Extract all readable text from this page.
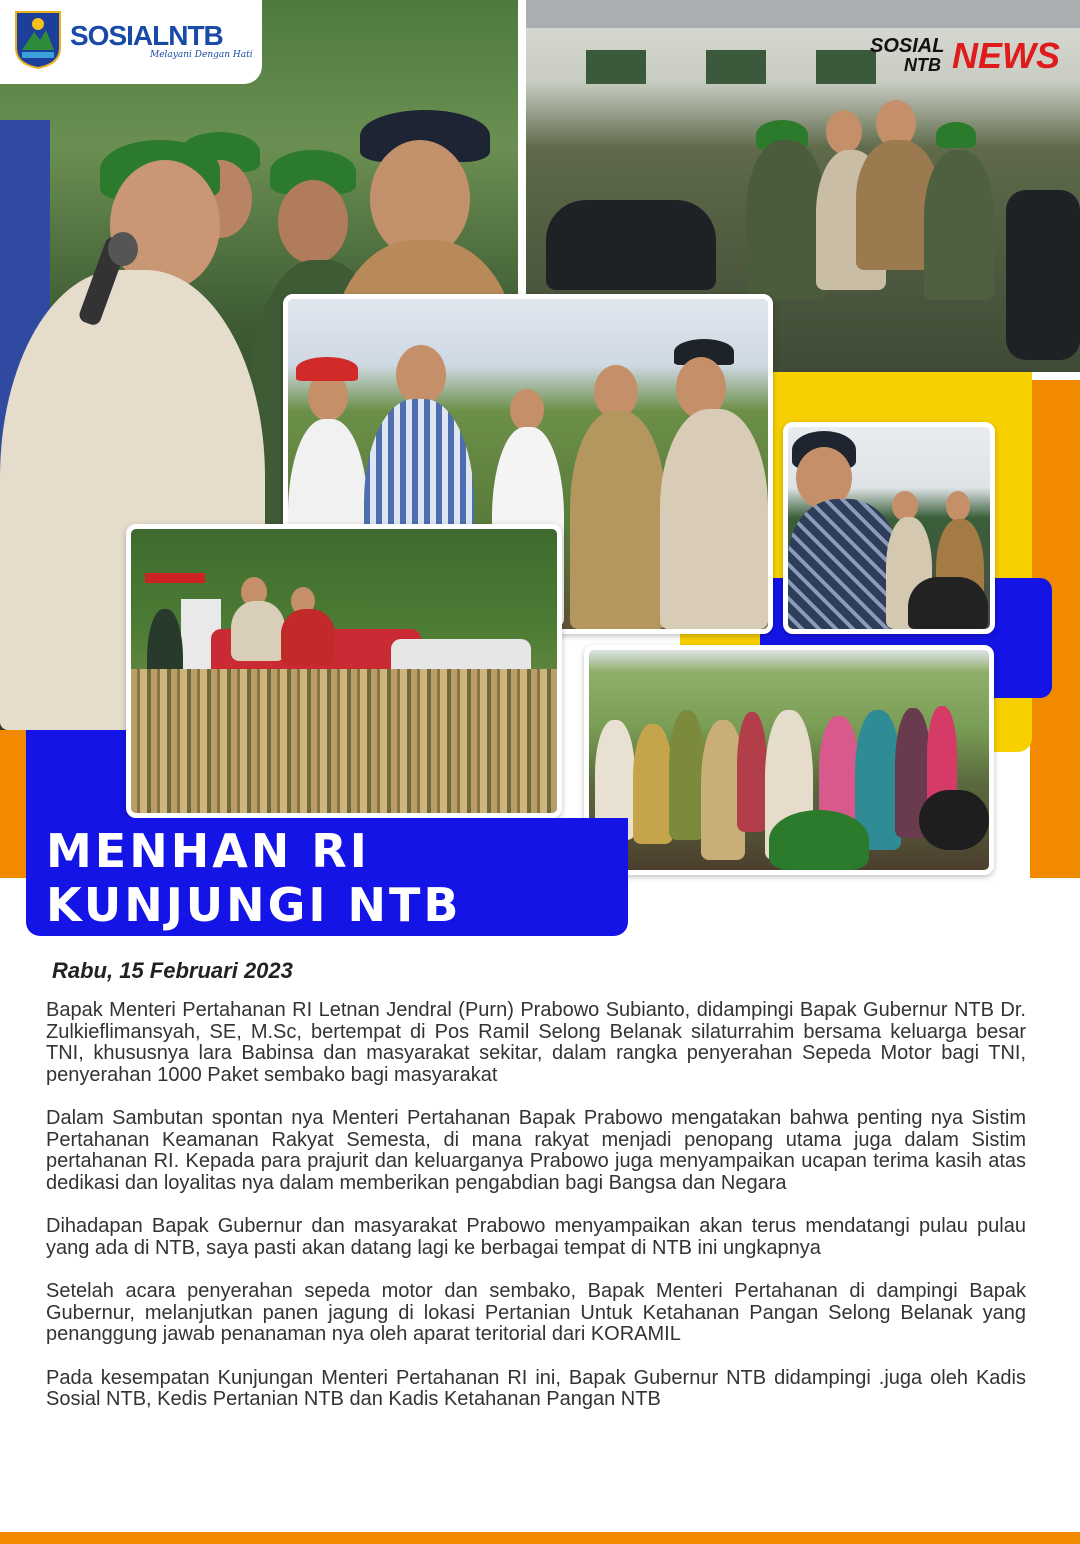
SOSIAL
NTB NEWS
SOSIALNTB
Melayani Dengan Hati
MENHAN RI
KUNJUNGI NTB
Rabu, 15 Februari 2023

Bapak Menteri Pertahanan RI Letnan Jendral (Purn) Prabowo Subianto, didampingi Bapak Gubernur NTB Dr. Zulkieflimansyah, SE, M.Sc, bertempat di Pos Ramil Selong Belanak silaturrahim bersama keluarga besar TNI, khususnya lara Babinsa dan masyarakat sekitar, dalam rangka penyerahan Sepeda Motor bagi TNI, penyerahan 1000 Paket sembako bagi masyarakat

Dalam Sambutan spontan nya Menteri Pertahanan Bapak Prabowo mengatakan bahwa penting nya Sistim Pertahanan Keamanan Rakyat Semesta, di mana rakyat menjadi penopang utama juga dalam Sistim pertahanan RI. Kepada para prajurit dan keluarganya Prabowo juga menyampaikan ucapan terima kasih atas dedikasi dan loyalitas nya dalam memberikan pengabdian bagi Bangsa dan Negara

Dihadapan Bapak Gubernur dan masyarakat Prabowo menyampaikan akan terus mendatangi pulau pulau yang ada di NTB, saya pasti akan datang lagi ke berbagai tempat di NTB ini ungkapnya

Setelah acara penyerahan sepeda motor dan sembako, Bapak Menteri Pertahanan di dampingi Bapak Gubernur, melanjutkan panen jagung di lokasi Pertanian Untuk Ketahanan Pangan Selong Belanak yang penanggung jawab penanaman nya oleh aparat teritorial dari KORAMIL

Pada kesempatan Kunjungan Menteri Pertahanan RI ini, Bapak Gubernur NTB didampingi .juga oleh Kadis Sosial NTB, Kedis Pertanian NTB dan Kadis Ketahanan Pangan NTB
